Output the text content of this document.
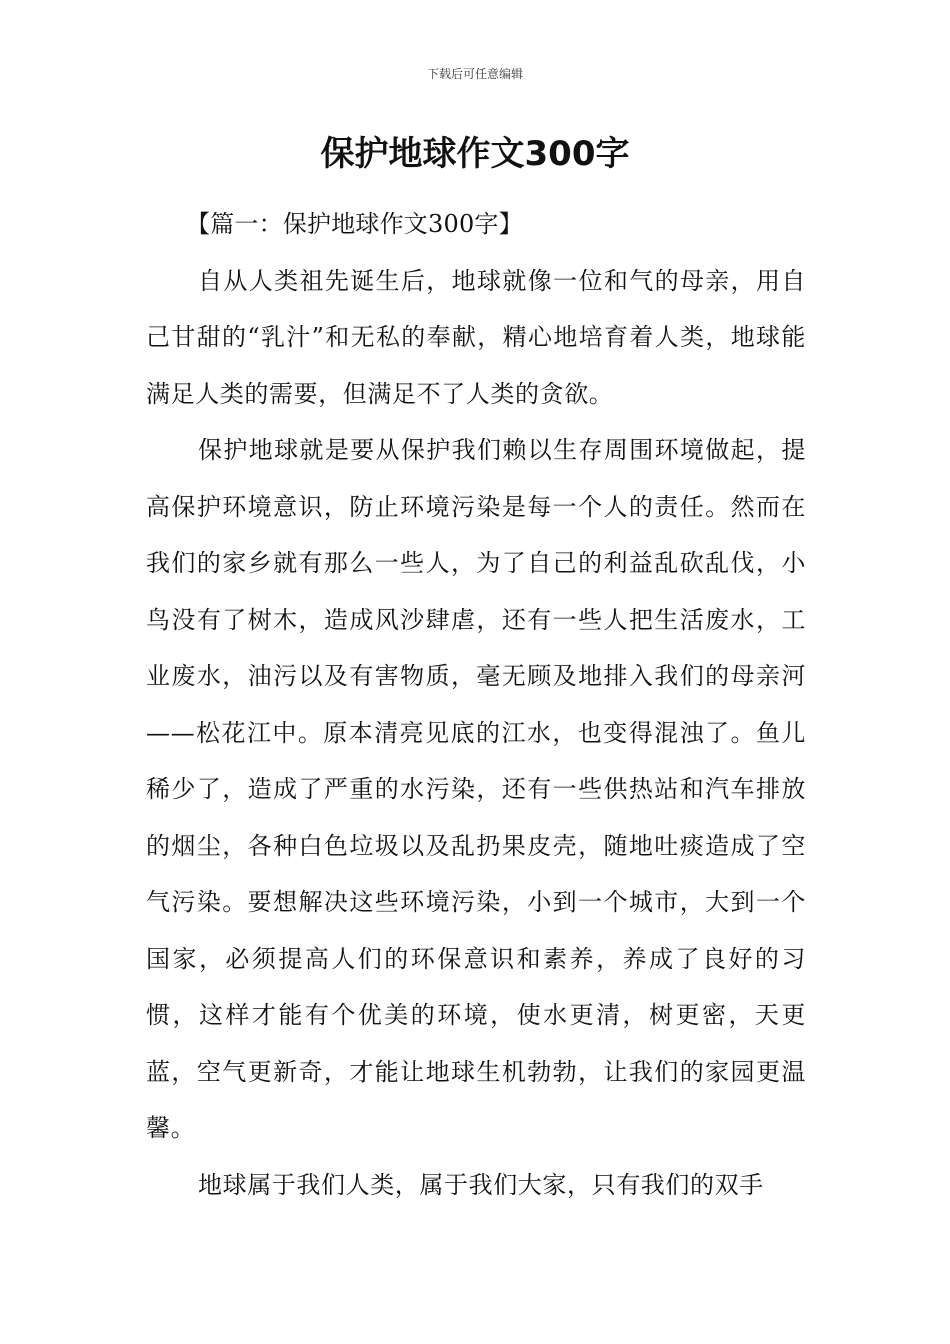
下载后可任意编辑
保护地球作文300字

【篇一：保护地球作文300字】

自从人类祖先诞生后，地球就像一位和气的母亲，用自己甘甜的“乳汁”和无私的奉献，精心地培育着人类，地球能满足人类的需要，但满足不了人类的贪欲。

保护地球就是要从保护我们赖以生存周围环境做起，提高保护环境意识，防止环境污染是每一个人的责任。然而在我们的家乡就有那么一些人，为了自己的利益乱砍乱伐，小鸟没有了树木，造成风沙肆虐，还有一些人把生活废水，工业废水，油污以及有害物质，毫无顾及地排入我们的母亲河——松花江中。原本清亮见底的江水，也变得混浊了。鱼儿稀少了，造成了严重的水污染，还有一些供热站和汽车排放的烟尘，各种白色垃圾以及乱扔果皮壳，随地吐痰造成了空气污染。要想解决这些环境污染，小到一个城市，大到一个国家，必须提高人们的环保意识和素养，养成了良好的习惯，这样才能有个优美的环境，使水更清，树更密，天更蓝，空气更新奇，才能让地球生机勃勃，让我们的家园更温馨。

地球属于我们人类，属于我们大家，只有我们的双手
